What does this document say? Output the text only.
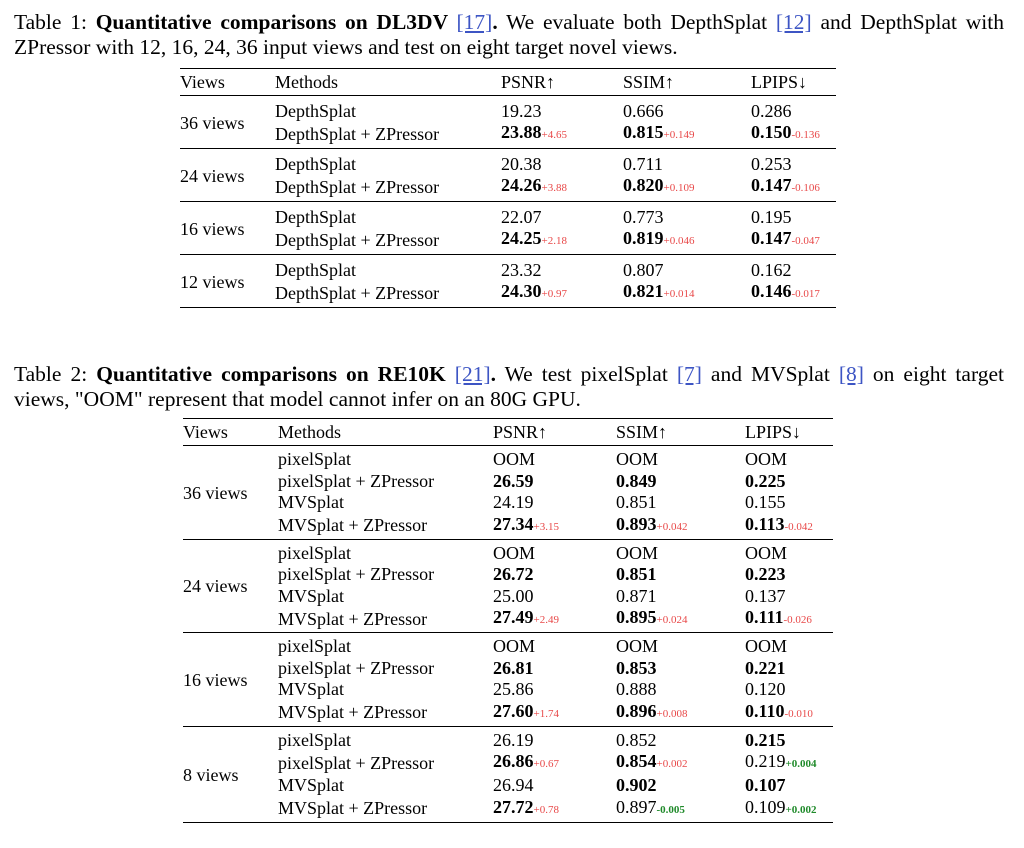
Table 1: Quantitative comparisons on DL3DV [17]. We evaluate both DepthSplat [12] and DepthSplat with ZPressor with 12, 16, 24, 36 input views and test on eight target novel views.
Views	Methods	PSNR↑	SSIM↑	LPIPS↓

36 views	DepthSplat	19.23	0.666	0.286
	DepthSplat + ZPressor	23.88+4.65	0.815+0.149	0.150-0.136

24 views	DepthSplat	20.38	0.711	0.253
	DepthSplat + ZPressor	24.26+3.88	0.820+0.109	0.147-0.106

16 views	DepthSplat	22.07	0.773	0.195
	DepthSplat + ZPressor	24.25+2.18	0.819+0.046	0.147-0.047

12 views	DepthSplat	23.32	0.807	0.162
	DepthSplat + ZPressor	24.30+0.97	0.821+0.014	0.146-0.017

Table 2: Quantitative comparisons on RE10K [21]. We test pixelSplat [7] and MVSplat [8] on eight target views, "OOM" represent that model cannot infer on an 80G GPU.
Views	Methods	PSNR↑	SSIM↑	LPIPS↓

36 views	pixelSplat	OOM	OOM	OOM
	pixelSplat + ZPressor	26.59	0.849	0.225
	MVSplat	24.19	0.851	0.155
	MVSplat + ZPressor	27.34+3.15	0.893+0.042	0.113-0.042

24 views	pixelSplat	OOM	OOM	OOM
	pixelSplat + ZPressor	26.72	0.851	0.223
	MVSplat	25.00	0.871	0.137
	MVSplat + ZPressor	27.49+2.49	0.895+0.024	0.111-0.026

16 views	pixelSplat	OOM	OOM	OOM
	pixelSplat + ZPressor	26.81	0.853	0.221
	MVSplat	25.86	0.888	0.120
	MVSplat + ZPressor	27.60+1.74	0.896+0.008	0.110-0.010

8 views	pixelSplat	26.19	0.852	0.215
	pixelSplat + ZPressor	26.86+0.67	0.854+0.002	0.219+0.004
	MVSplat	26.94	0.902	0.107
	MVSplat + ZPressor	27.72+0.78	0.897-0.005	0.109+0.002
